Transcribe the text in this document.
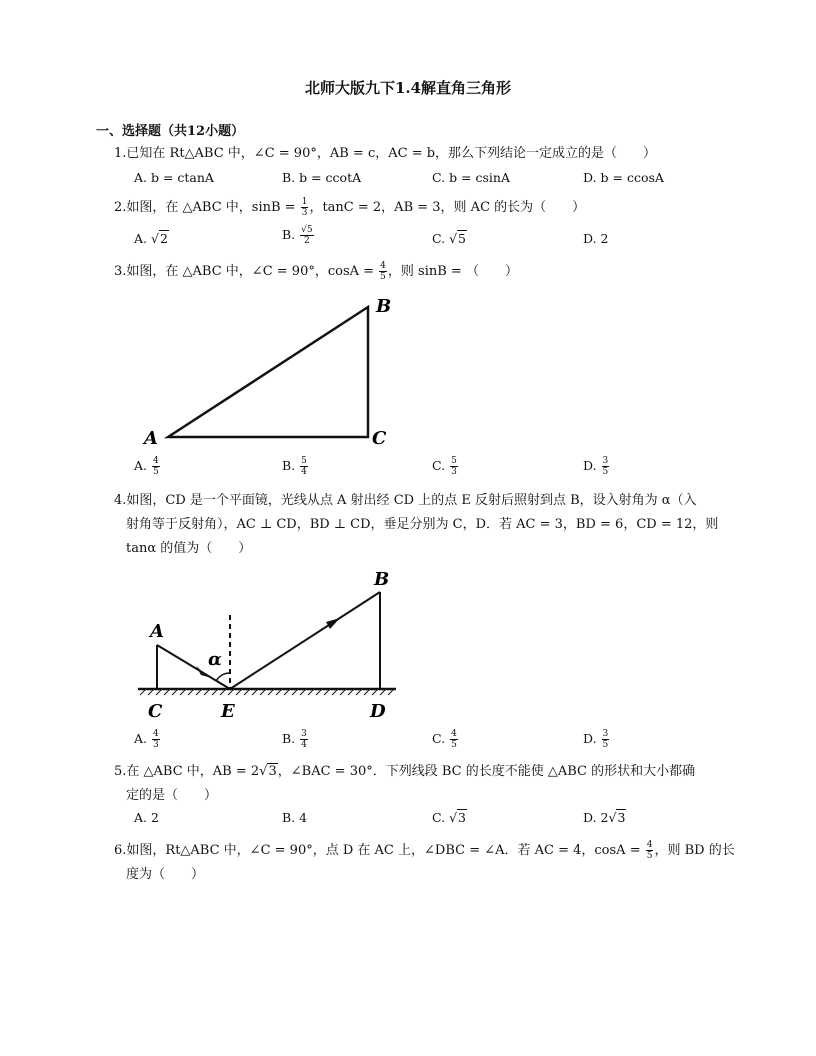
北师大版九下1.4解直角三角形
一、选择题（共12小题）
1.已知在 Rt△ABC 中，∠C = 90°，AB = c，AC = b，那么下列结论一定成立的是（　　）
A. b = ctanA	B. b = ccotA	C. b = csinA	D. b = ccosA
2.如图，在 △ABC 中，$\sin B = \frac{1}{3}$ ，tanC = 2，AB = 3，则 AC 的长为（　　）
A. √2	B. $\frac{√5}{2}$	C. √5	D. 2
3.如图，在 △ABC 中，∠C = 90°，$\cos A = \frac{4}{5}$ ，则 sinB = （　　）
A
B
C
A. $\frac{4}{5}$	B. $\frac{5}{4}$	C. $\frac{5}{3}$	D. $\frac{3}{5}$
4.如图，CD 是一个平面镜，光线从点 A 射出经 CD 上的点 E 反射后照射到点 B，设入射角为 α（入
射角等于反射角），AC ⊥ CD，BD ⊥ CD，垂足分别为 C，D．若 AC = 3，BD = 6，CD = 12，则
tanα 的值为（　　）
A
B
C	D
E
α
A. $\frac{4}{3}$	B. $\frac{3}{4}$	C. $\frac{4}{5}$	D. $\frac{3}{5}$
5.在 △ABC 中，AB = 2√3，∠BAC = 30°．下列线段 BC 的长度不能使 △ABC 的形状和大小都确
定的是（　　）
A. 2	B. 4	C. √3	D. 2√3
6.如图，Rt△ABC 中，∠C = 90°，点 D 在 AC 上，∠DBC = ∠A．若 AC = 4，$\cos A = \frac{4}{5}$ ，则 BD 的长
度为（　　）
